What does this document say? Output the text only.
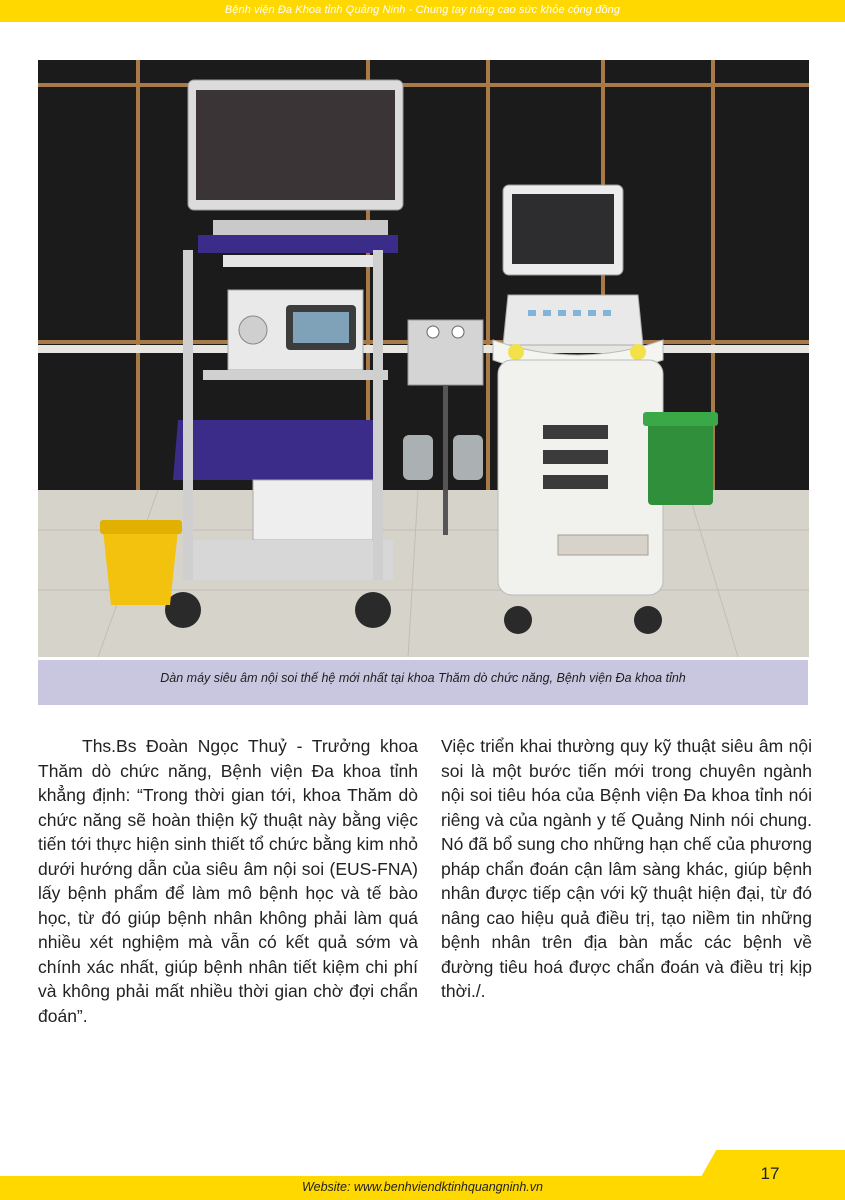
Bệnh viện Đa Khoa tỉnh Quảng Ninh - Chung tay nâng cao sức khỏe cộng đồng
Dàn máy siêu âm nội soi thế hệ mới nhất tại khoa Thăm dò chức năng, Bệnh viện Đa khoa tỉnh

Ths.Bs Đoàn Ngọc Thuỷ - Trưởng khoa Thăm dò chức năng, Bệnh viện Đa khoa tỉnh khẳng định: “Trong thời gian tới, khoa Thăm dò chức năng sẽ hoàn thiện kỹ thuật này bằng việc tiến tới thực hiện sinh thiết tổ chức bằng kim nhỏ dưới hướng dẫn của siêu âm nội soi (EUS-FNA) lấy bệnh phẩm để làm mô bệnh học và tế bào học, từ đó giúp bệnh nhân không phải làm quá nhiều xét nghiệm mà vẫn có kết quả sớm và chính xác nhất, giúp bệnh nhân tiết kiệm chi phí và không phải mất nhiều thời gian chờ đợi chẩn đoán”.

Việc triển khai thường quy kỹ thuật siêu âm nội soi là một bước tiến mới trong chuyên ngành nội soi tiêu hóa của Bệnh viện Đa khoa tỉnh nói riêng và của ngành y tế Quảng Ninh nói chung. Nó đã bổ sung cho những hạn chế của phương pháp chẩn đoán cận lâm sàng khác, giúp bệnh nhân được tiếp cận với kỹ thuật hiện đại, từ đó nâng cao hiệu quả điều trị, tạo niềm tin những bệnh nhân trên địa bàn mắc các bệnh về đường tiêu hoá được chẩn đoán và điều trị kịp thời./.

17
Website: www.benhviendktinhquangninh.vn
